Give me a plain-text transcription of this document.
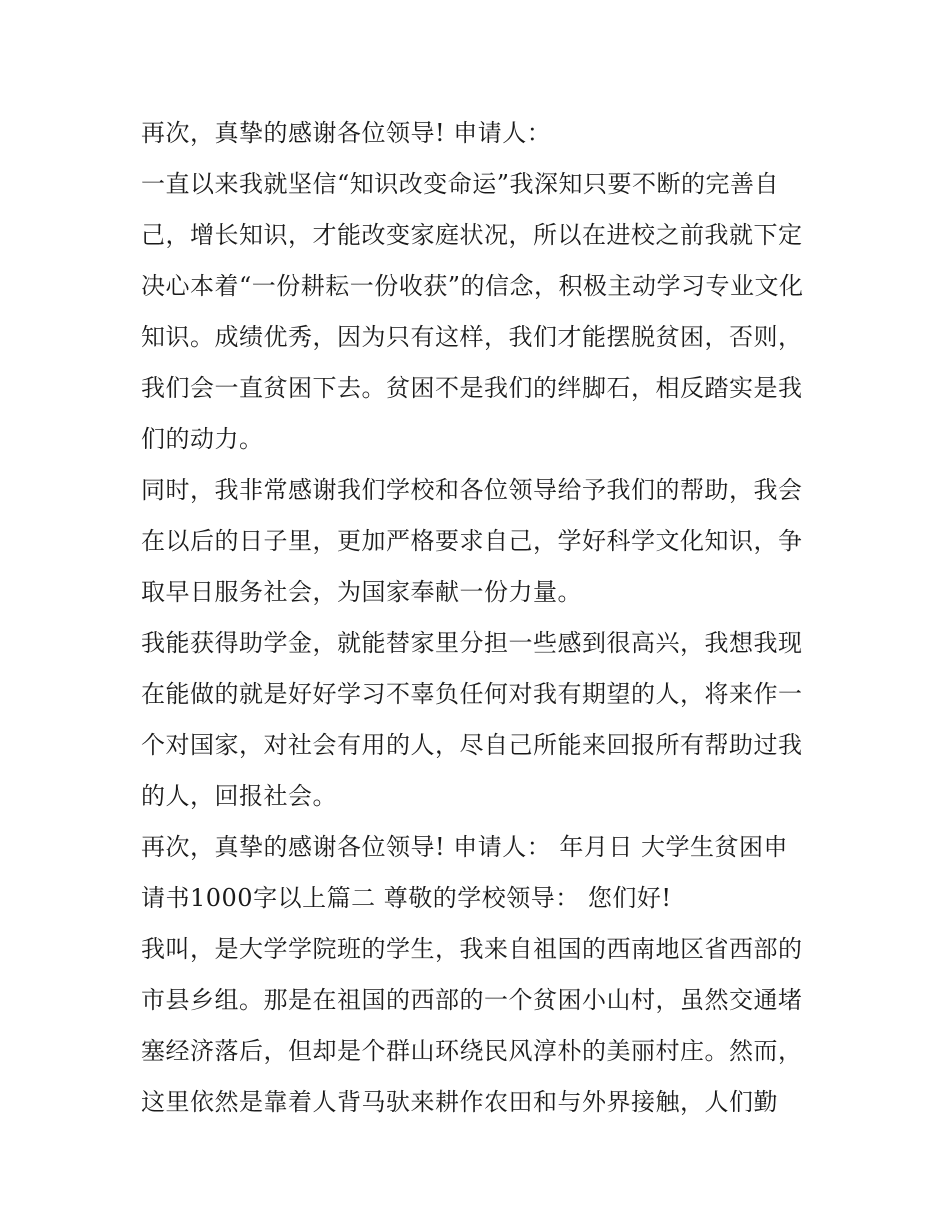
再次，真挚的感谢各位领导! 申请人：
一直以来我就坚信“知识改变命运”我深知只要不断的完善自
己，增长知识，才能改变家庭状况，所以在进校之前我就下定
决心本着“一份耕耘一份收获”的信念，积极主动学习专业文化
知识。成绩优秀，因为只有这样，我们才能摆脱贫困，否则，
我们会一直贫困下去。贫困不是我们的绊脚石，相反踏实是我
们的动力。
同时，我非常感谢我们学校和各位领导给予我们的帮助，我会
在以后的日子里，更加严格要求自己，学好科学文化知识，争
取早日服务社会，为国家奉献一份力量。
我能获得助学金，就能替家里分担一些感到很高兴，我想我现
在能做的就是好好学习不辜负任何对我有期望的人，将来作一
个对国家，对社会有用的人，尽自己所能来回报所有帮助过我
的人，回报社会。
再次，真挚的感谢各位领导! 申请人： 年月日 大学生贫困申
请书1000字以上篇二 尊敬的学校领导： 您们好!
我叫，是大学学院班的学生，我来自祖国的西南地区省西部的
市县乡组。那是在祖国的西部的一个贫困小山村，虽然交通堵
塞经济落后，但却是个群山环绕民风淳朴的美丽村庄。然而，
这里依然是靠着人背马驮来耕作农田和与外界接触，人们勤
